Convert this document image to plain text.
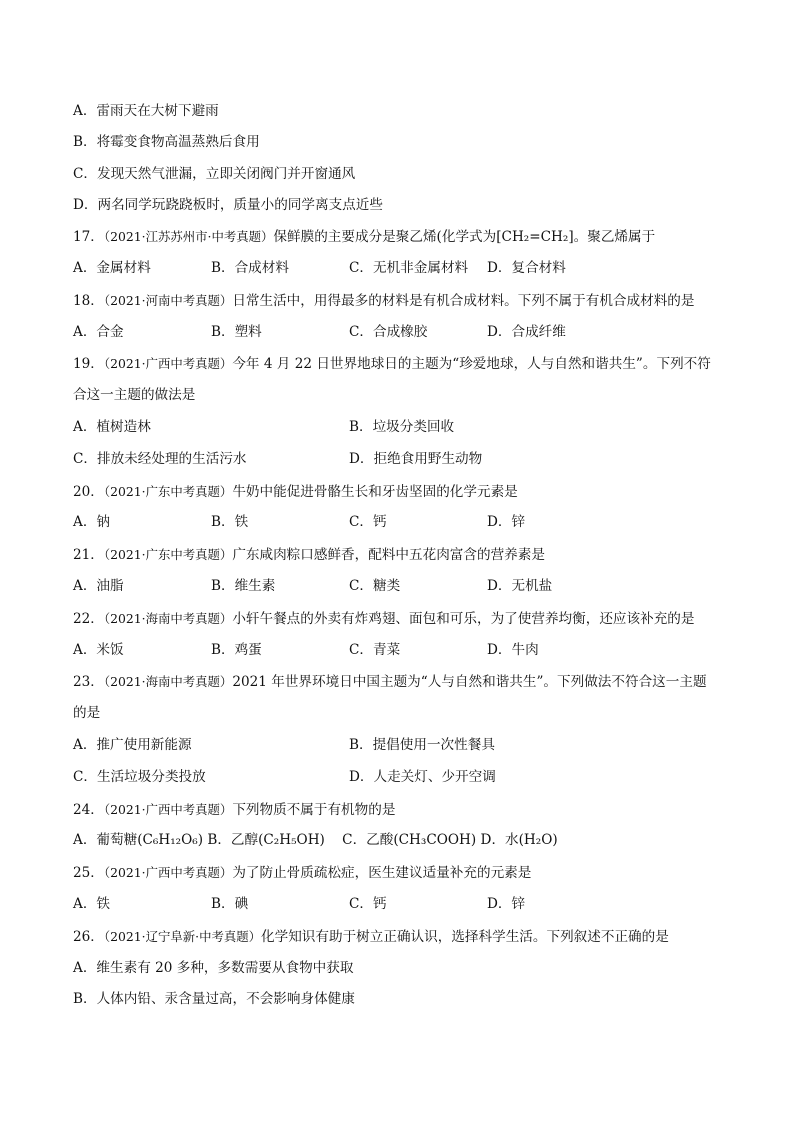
A．雷雨天在大树下避雨
B．将霉变食物高温蒸熟后食用
C．发现天然气泄漏，立即关闭阀门并开窗通风
D．两名同学玩跷跷板时，质量小的同学离支点近些
17．（2021·江苏苏州市·中考真题）保鲜膜的主要成分是聚乙烯(化学式为[CH₂=CH₂]。聚乙烯属于
A．金属材料	B．合成材料	C．无机非金属材料	D．复合材料
18．（2021·河南中考真题）日常生活中，用得最多的材料是有机合成材料。下列不属于有机合成材料的是
A．合金	B．塑料	C．合成橡胶	D．合成纤维
19．（2021·广西中考真题）今年 4 月 22 日世界地球日的主题为“珍爱地球，人与自然和谐共生”。下列不符
合这一主题的做法是
A．植树造林	B．垃圾分类回收
C．排放未经处理的生活污水	D．拒绝食用野生动物
20．（2021·广东中考真题）牛奶中能促进骨骼生长和牙齿坚固的化学元素是
A．钠	B．铁	C．钙	D．锌
21．（2021·广东中考真题）广东咸肉粽口感鲜香，配料中五花肉富含的营养素是
A．油脂	B．维生素	C．糖类	D．无机盐
22．（2021·海南中考真题）小轩午餐点的外卖有炸鸡翅、面包和可乐，为了使营养均衡，还应该补充的是
A．米饭	B．鸡蛋	C．青菜	D．牛肉
23．（2021·海南中考真题）2021 年世界环境日中国主题为“人与自然和谐共生”。下列做法不符合这一主题
的是
A．推广使用新能源	B．提倡使用一次性餐具
C．生活垃圾分类投放	D．人走关灯、少开空调
24．（2021·广西中考真题）下列物质不属于有机物的是
A．葡萄糖(C₆H₁₂O₆) B．乙醇(C₂H₅OH) C．乙酸(CH₃COOH) D．水(H₂O)
25．（2021·广西中考真题）为了防止骨质疏松症，医生建议适量补充的元素是
A．铁	B．碘	C．钙	D．锌
26．（2021·辽宁阜新·中考真题）化学知识有助于树立正确认识，选择科学生活。下列叙述不正确的是
A．维生素有 20 多种，多数需要从食物中获取
B．人体内铅、汞含量过高，不会影响身体健康
